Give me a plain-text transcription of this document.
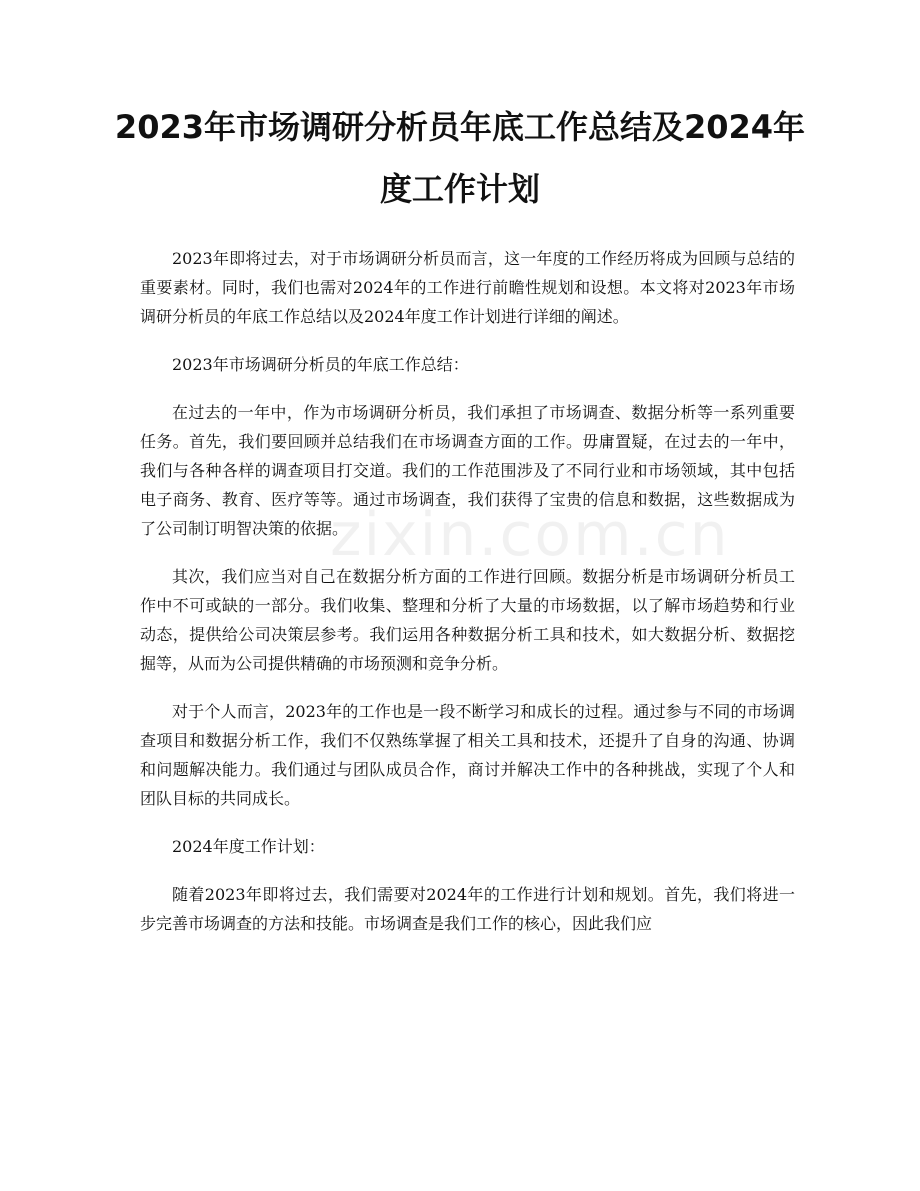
2023年市场调研分析员年底工作总结及2024年度工作计划
zixin.com.cn

2023年即将过去，对于市场调研分析员而言，这一年度的工作经历将成为回顾与总结的重要素材。同时，我们也需对2024年的工作进行前瞻性规划和设想。本文将对2023年市场调研分析员的年底工作总结以及2024年度工作计划进行详细的阐述。

2023年市场调研分析员的年底工作总结：

在过去的一年中，作为市场调研分析员，我们承担了市场调查、数据分析等一系列重要任务。首先，我们要回顾并总结我们在市场调查方面的工作。毋庸置疑，在过去的一年中，我们与各种各样的调查项目打交道。我们的工作范围涉及了不同行业和市场领域，其中包括电子商务、教育、医疗等等。通过市场调查，我们获得了宝贵的信息和数据，这些数据成为了公司制订明智决策的依据。

其次，我们应当对自己在数据分析方面的工作进行回顾。数据分析是市场调研分析员工作中不可或缺的一部分。我们收集、整理和分析了大量的市场数据，以了解市场趋势和行业动态，提供给公司决策层参考。我们运用各种数据分析工具和技术，如大数据分析、数据挖掘等，从而为公司提供精确的市场预测和竞争分析。

对于个人而言，2023年的工作也是一段不断学习和成长的过程。通过参与不同的市场调查项目和数据分析工作，我们不仅熟练掌握了相关工具和技术，还提升了自身的沟通、协调和问题解决能力。我们通过与团队成员合作，商讨并解决工作中的各种挑战，实现了个人和团队目标的共同成长。

2024年度工作计划：

随着2023年即将过去，我们需要对2024年的工作进行计划和规划。首先，我们将进一步完善市场调查的方法和技能。市场调查是我们工作的核心，因此我们应
